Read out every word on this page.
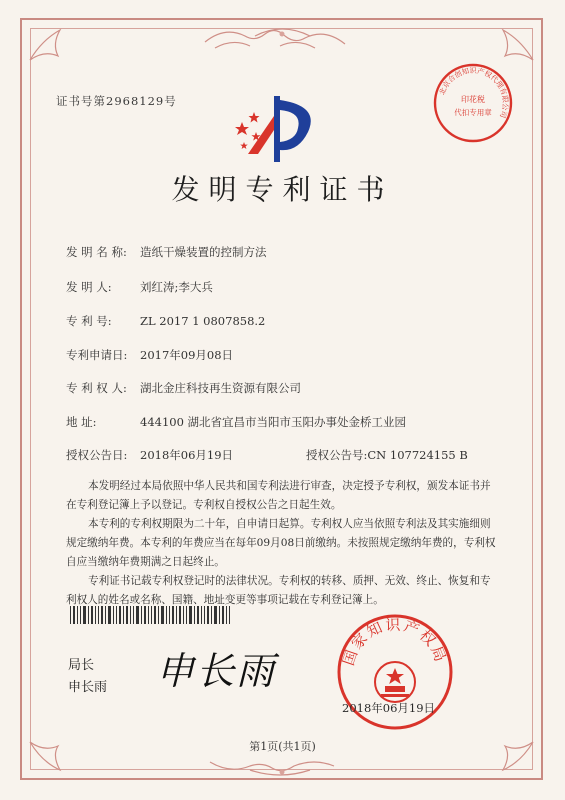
证书号第2968129号
北京合创知识产权代理有限公司
印花税
代扣专用章
发明专利证书
发 明 名 称: 造纸干燥装置的控制方法
发 明 人: 刘红涛;李大兵
专 利 号: ZL 2017 1 0807858.2
专利申请日: 2017年09月08日
专 利 权 人: 湖北金庄科技再生资源有限公司
地 址:	444100 湖北省宜昌市当阳市玉阳办事处金桥工业园
授权公告日: 2018年06月19日	授权公告号:CN 107724155 B

本发明经过本局依照中华人民共和国专利法进行审查，决定授予专利权，颁发本证书并在专利登记簿上予以登记。专利权自授权公告之日起生效。

本专利的专利权期限为二十年，自申请日起算。专利权人应当依照专利法及其实施细则规定缴纳年费。本专利的年费应当在每年09月08日前缴纳。未按照规定缴纳年费的，专利权自应当缴纳年费期满之日起终止。

专利证书记载专利权登记时的法律状况。专利权的转移、质押、无效、终止、恢复和专利权人的姓名或名称、国籍、地址变更等事项记载在专利登记簿上。

局长
申长雨 申长雨	国家知识产权局
2018年06月19日
第1页(共1页)
